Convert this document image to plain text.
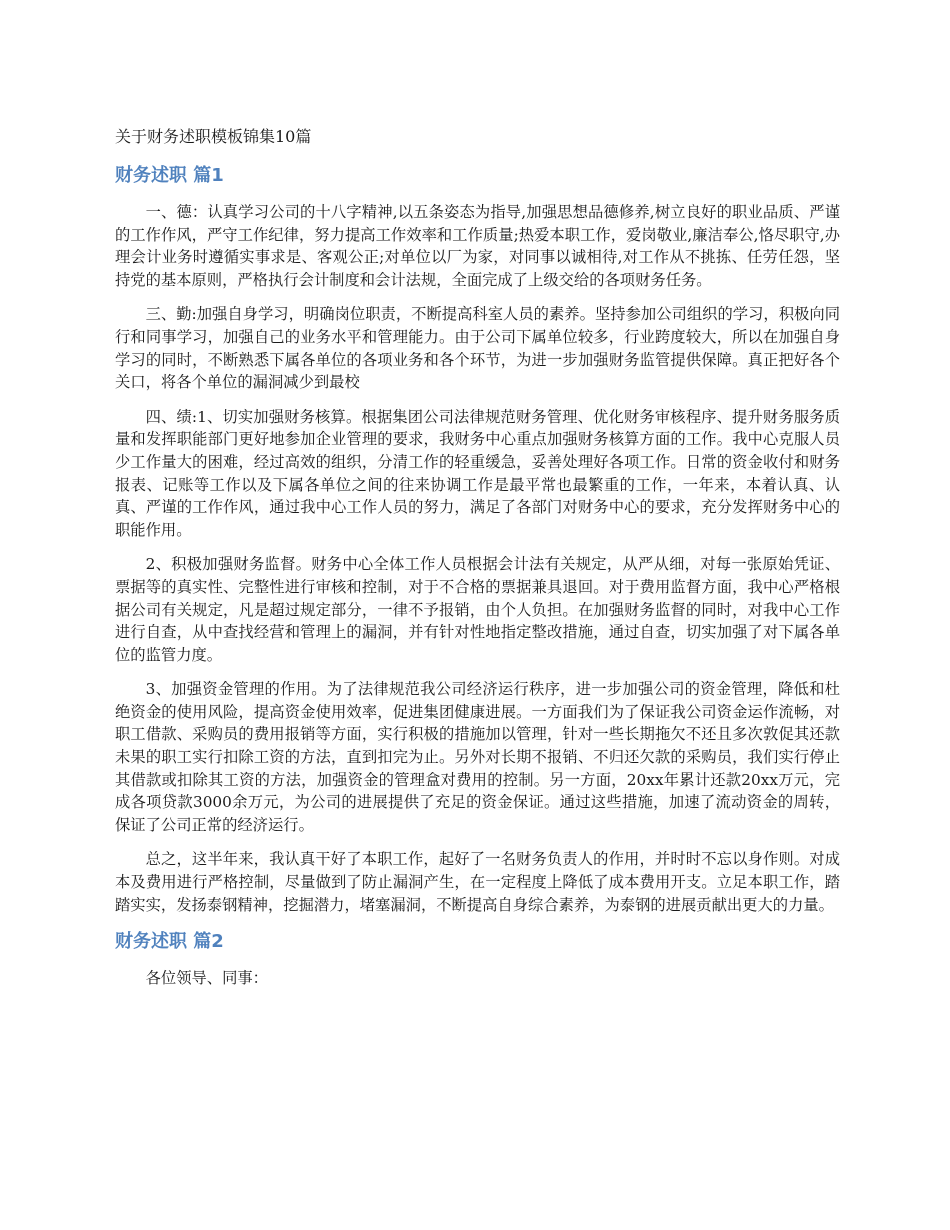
关于财务述职模板锦集10篇
财务述职 篇1

一、德：认真学习公司的十八字精神,以五条姿态为指导,加强思想品德修养,树立良好的职业品质、严谨的工作作风，严守工作纪律，努力提高工作效率和工作质量;热爱本职工作，爱岗敬业,廉洁奉公,恪尽职守,办理会计业务时遵循实事求是、客观公正;对单位以厂为家，对同事以诚相待,对工作从不挑拣、任劳任怨，坚持党的基本原则，严格执行会计制度和会计法规，全面完成了上级交给的各项财务任务。

三、勤:加强自身学习，明确岗位职责，不断提高科室人员的素养。坚持参加公司组织的学习，积极向同行和同事学习，加强自己的业务水平和管理能力。由于公司下属单位较多，行业跨度较大，所以在加强自身学习的同时，不断熟悉下属各单位的各项业务和各个环节，为进一步加强财务监管提供保障。真正把好各个关口，将各个单位的漏洞减少到最校

四、绩:1、切实加强财务核算。根据集团公司法律规范财务管理、优化财务审核程序、提升财务服务质量和发挥职能部门更好地参加企业管理的要求，我财务中心重点加强财务核算方面的工作。我中心克服人员少工作量大的困难，经过高效的组织，分清工作的轻重缓急，妥善处理好各项工作。日常的资金收付和财务报表、记账等工作以及下属各单位之间的往来协调工作是最平常也最繁重的工作，一年来，本着认真、认真、严谨的工作作风，通过我中心工作人员的努力，满足了各部门对财务中心的要求，充分发挥财务中心的职能作用。

2、积极加强财务监督。财务中心全体工作人员根据会计法有关规定，从严从细，对每一张原始凭证、票据等的真实性、完整性进行审核和控制，对于不合格的票据兼具退回。对于费用监督方面，我中心严格根据公司有关规定，凡是超过规定部分，一律不予报销，由个人负担。在加强财务监督的同时，对我中心工作进行自查，从中查找经营和管理上的漏洞，并有针对性地指定整改措施，通过自查，切实加强了对下属各单位的监管力度。

3、加强资金管理的作用。为了法律规范我公司经济运行秩序，进一步加强公司的资金管理，降低和杜绝资金的使用风险，提高资金使用效率，促进集团健康进展。一方面我们为了保证我公司资金运作流畅，对职工借款、采购员的费用报销等方面，实行积极的措施加以管理，针对一些长期拖欠不还且多次敦促其还款未果的职工实行扣除工资的方法，直到扣完为止。另外对长期不报销、不归还欠款的采购员，我们实行停止其借款或扣除其工资的方法，加强资金的管理盒对费用的控制。另一方面，20xx年累计还款20xx万元，完成各项贷款3000余万元，为公司的进展提供了充足的资金保证。通过这些措施，加速了流动资金的周转，保证了公司正常的经济运行。

总之，这半年来，我认真干好了本职工作，起好了一名财务负责人的作用，并时时不忘以身作则。对成本及费用进行严格控制，尽量做到了防止漏洞产生，在一定程度上降低了成本费用开支。立足本职工作，踏踏实实，发扬泰钢精神，挖掘潜力，堵塞漏洞，不断提高自身综合素养，为泰钢的进展贡献出更大的力量。

财务述职 篇2

各位领导、同事：
